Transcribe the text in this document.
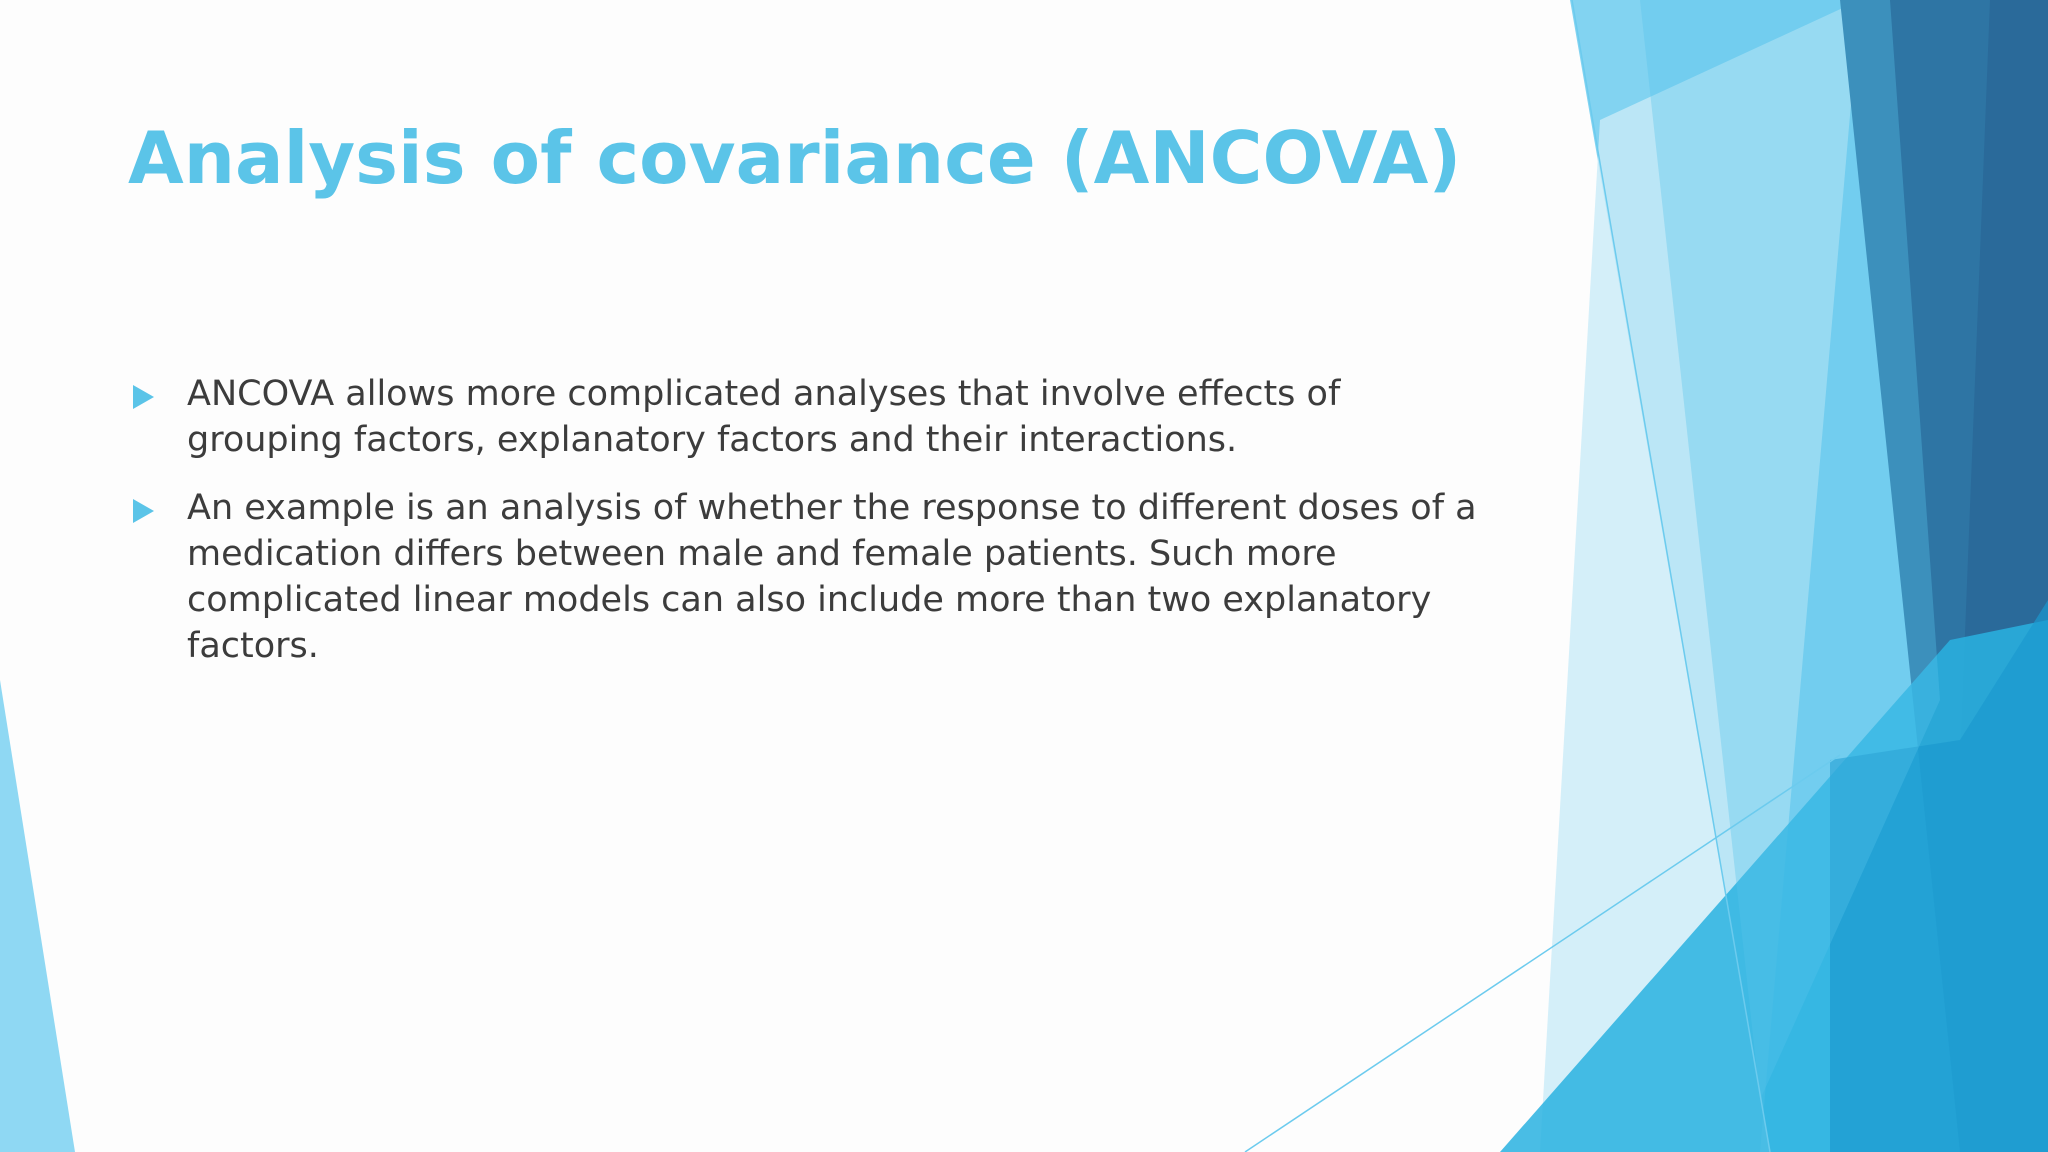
Analysis of covariance (ANCOVA)
ANCOVA allows more complicated analyses that involve effects of grouping factors, explanatory factors and their interactions.
An example is an analysis of whether the response to different doses of a medication differs between male and female patients. Such more complicated linear models can also include more than two explanatory factors.
